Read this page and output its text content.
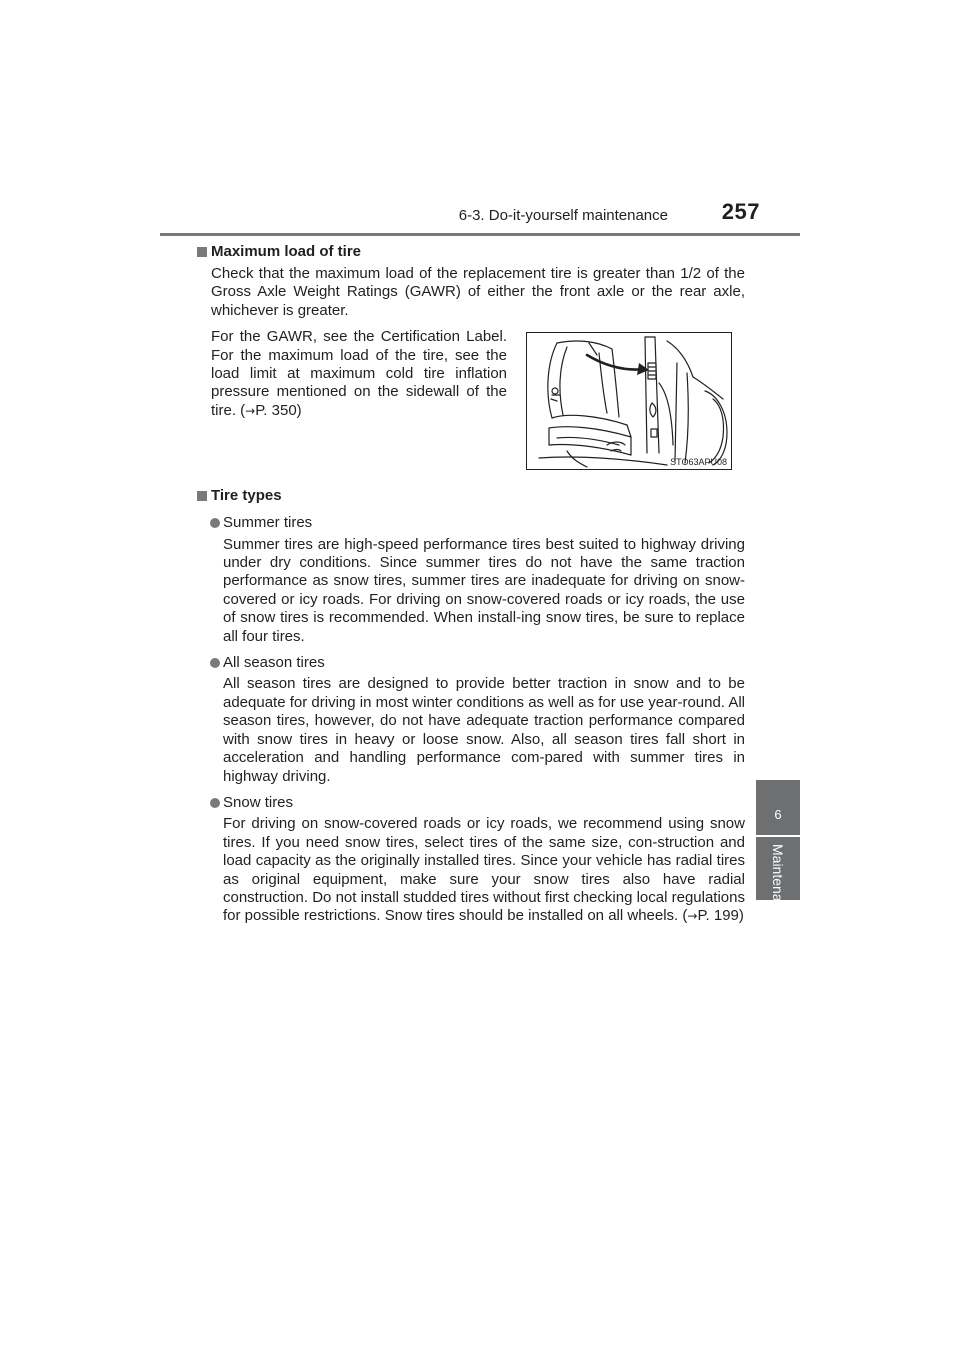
6-3. Do-it-yourself maintenance 257
6
Maintenance and care
Maximum load of tire
Check that the maximum load of the replacement tire is greater than 1/2 of the Gross Axle Weight Ratings (GAWR) of either the front axle or the rear axle, whichever is greater.
For the GAWR, see the Certification Label. For the maximum load of the tire, see the load limit at maximum cold tire inflation pressure mentioned on the sidewall of the tire. (→P. 350)
STO63APU08
Tire types
Summer tires
Summer tires are high-speed performance tires best suited to highway driving under dry conditions. Since summer tires do not have the same traction performance as snow tires, summer tires are inadequate for driving on snow-covered or icy roads. For driving on snow-covered roads or icy roads, the use of snow tires is recommended. When install-ing snow tires, be sure to replace all four tires.
All season tires
All season tires are designed to provide better traction in snow and to be adequate for driving in most winter conditions as well as for use year-round. All season tires, however, do not have adequate traction performance compared with snow tires in heavy or loose snow. Also, all season tires fall short in acceleration and handling performance com-pared with summer tires in highway driving.
Snow tires
For driving on snow-covered roads or icy roads, we recommend using snow tires. If you need snow tires, select tires of the same size, con-struction and load capacity as the originally installed tires. Since your vehicle has radial tires as original equipment, make sure your snow tires also have radial construction. Do not install studded tires without first checking local regulations for possible restrictions. Snow tires should be installed on all wheels. (→P. 199)
